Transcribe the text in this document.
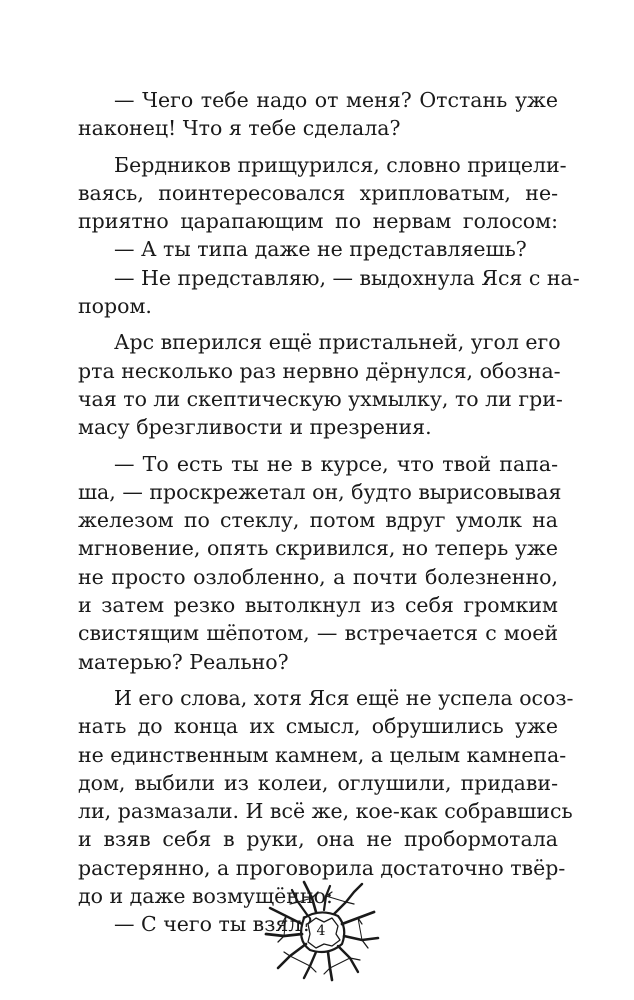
— Чего тебе надо от меня? Отстань уже
наконец! Что я тебе сделала?
Бердников прищурился, словно прицели-
ваясь, поинтересовался хрипловатым, не-
приятно царапающим по нервам голосом:
— А ты типа даже не представляешь?
— Не представляю, — выдохнула Яся с на-
пором.
Арс вперился ещё пристальней, угол его
рта несколько раз нервно дёрнулся, обозна-
чая то ли скептическую ухмылку, то ли гри-
масу брезгливости и презрения.
— То есть ты не в курсе, что твой папа-
ша, — проскрежетал он, будто вырисовывая
железом по стеклу, потом вдруг умолк на
мгновение, опять скривился, но теперь уже
не просто озлобленно, а почти болезненно,
и затем резко вытолкнул из себя громким
свистящим шёпотом, — встречается с моей
матерью? Реально?
И его слова, хотя Яся ещё не успела осоз-
нать до конца их смысл, обрушились уже
не единственным камнем, а целым камнепа-
дом, выбили из колеи, оглушили, придави-
ли, размазали. И всё же, кое-как собравшись
и взяв себя в руки, она не пробормотала
растерянно, а проговорила достаточно твёр-
до и даже возмущённо:
— С чего ты взял? 4
